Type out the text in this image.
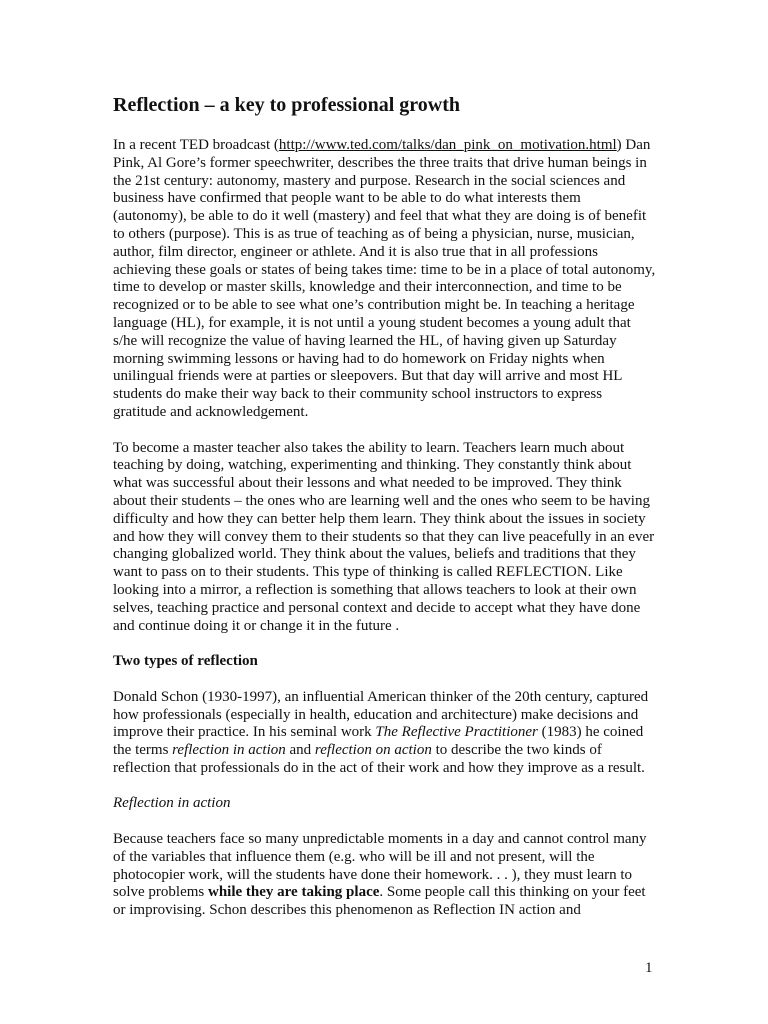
Reflection – a key to professional growth

In a recent TED broadcast (http://www.ted.com/talks/dan_pink_on_motivation.html) Dan Pink, Al Gore’s former speechwriter, describes the three traits that drive human beings in the 21st century: autonomy, mastery and purpose. Research in the social sciences and business have confirmed that people want to be able to do what interests them (autonomy), be able to do it well (mastery) and feel that what they are doing is of benefit to others (purpose). This is as true of teaching as of being a physician, nurse, musician, author, film director, engineer or athlete. And it is also true that in all professions achieving these goals or states of being takes time: time to be in a place of total autonomy, time to develop or master skills, knowledge and their interconnection, and time to be recognized or to be able to see what one’s contribution might be. In teaching a heritage language (HL), for example, it is not until a young student becomes a young adult that s/he will recognize the value of having learned the HL, of having given up Saturday morning swimming lessons or having had to do homework on Friday nights when unilingual friends were at parties or sleepovers. But that day will arrive and most HL students do make their way back to their community school instructors to express gratitude and acknowledgement.

To become a master teacher also takes the ability to learn. Teachers learn much about teaching by doing, watching, experimenting and thinking. They constantly think about what was successful about their lessons and what needed to be improved. They think about their students – the ones who are learning well and the ones who seem to be having difficulty and how they can better help them learn. They think about the issues in society and how they will convey them to their students so that they can live peacefully in an ever changing globalized world. They think about the values, beliefs and traditions that they want to pass on to their students. This type of thinking is called REFLECTION. Like looking into a mirror, a reflection is something that allows teachers to look at their own selves, teaching practice and personal context and decide to accept what they have done and continue doing it or change it in the future .

Two types of reflection

Donald Schon (1930-1997), an influential American thinker of the 20th century, captured how professionals (especially in health, education and architecture) make decisions and improve their practice. In his seminal work The Reflective Practitioner (1983) he coined the terms reflection in action and reflection on action to describe the two kinds of reflection that professionals do in the act of their work and how they improve as a result.

Reflection in action

Because teachers face so many unpredictable moments in a day and cannot control many of the variables that influence them (e.g. who will be ill and not present, will the photocopier work, will the students have done their homework. . . ), they must learn to solve problems while they are taking place. Some people call this thinking on your feet or improvising. Schon describes this phenomenon as Reflection IN action and

1
